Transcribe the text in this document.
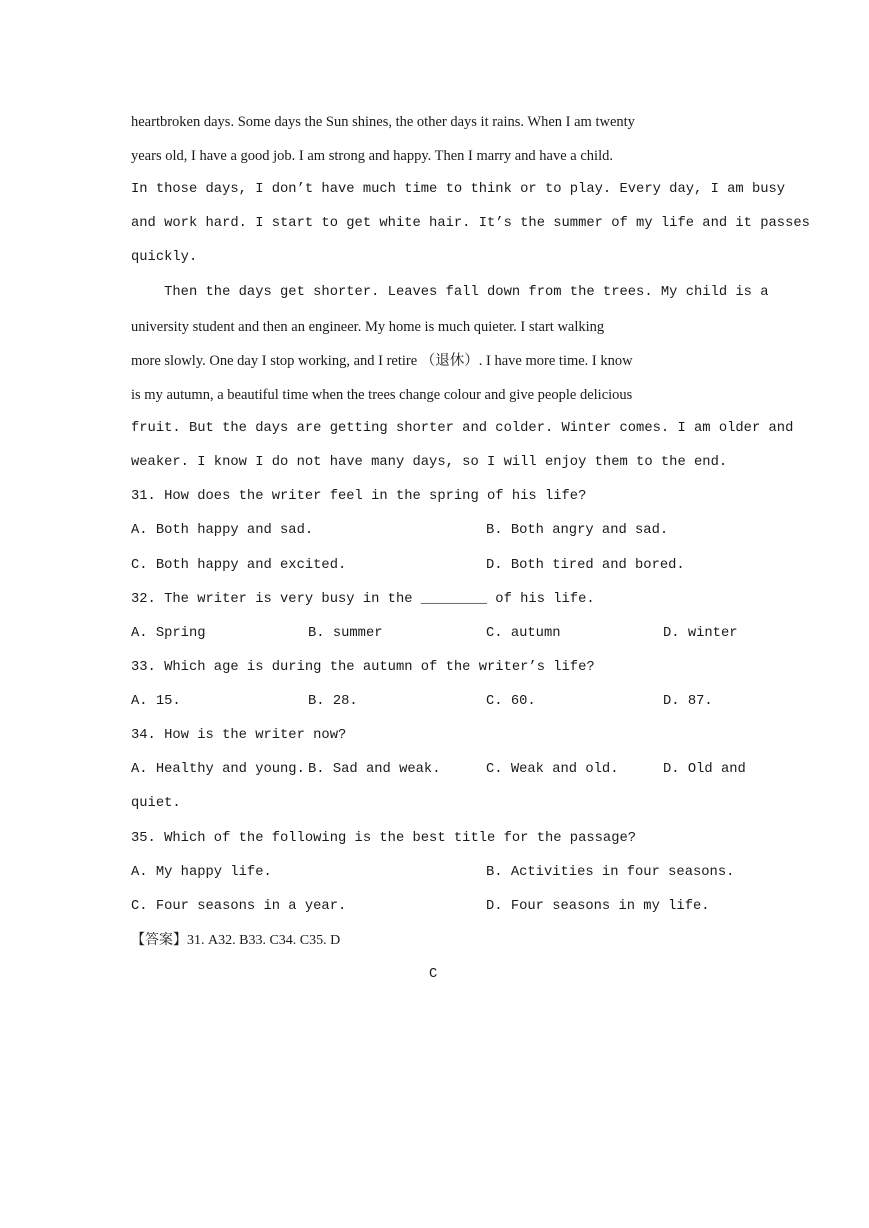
heartbroken days. Some days the Sun shines, the other days it rains. When I am twenty
years old, I have a good job. I am strong and happy. Then I marry and have a child.
In those days, I don’t have much time to think or to play. Every day, I am busy
and work hard. I start to get white hair. It’s the summer of my life and it passes
quickly.
Then the days get shorter. Leaves fall down from the trees. My child is a
university student and then an engineer. My home is much quieter. I start walking
more slowly. One day I stop working, and I retire （退休）. I have more time. I know
is my autumn, a beautiful time when the trees change colour and give people delicious
fruit. But the days are getting shorter and colder. Winter comes. I am older and
weaker. I know I do not have many days, so I will enjoy them to the end.
31. How does the writer feel in the spring of his life?
A. Both happy and sad.	B. Both angry and sad.
C. Both happy and excited.	D. Both tired and bored.
32. The writer is very busy in the ________ of his life.
A. Spring	B. summer	C. autumn	D. winter
33. Which age is during the autumn of the writer’s life?
A. 15.	B. 28.	C. 60.	D. 87.
34. How is the writer now?
A. Healthy and young. B. Sad and weak.	C. Weak and old.	D. Old and
quiet.
35. Which of the following is the best title for the passage?
A. My happy life.	B. Activities in four seasons.
C. Four seasons in a year.	D. Four seasons in my life.
【答案】31. A32. B33. C34. C35. D
C
